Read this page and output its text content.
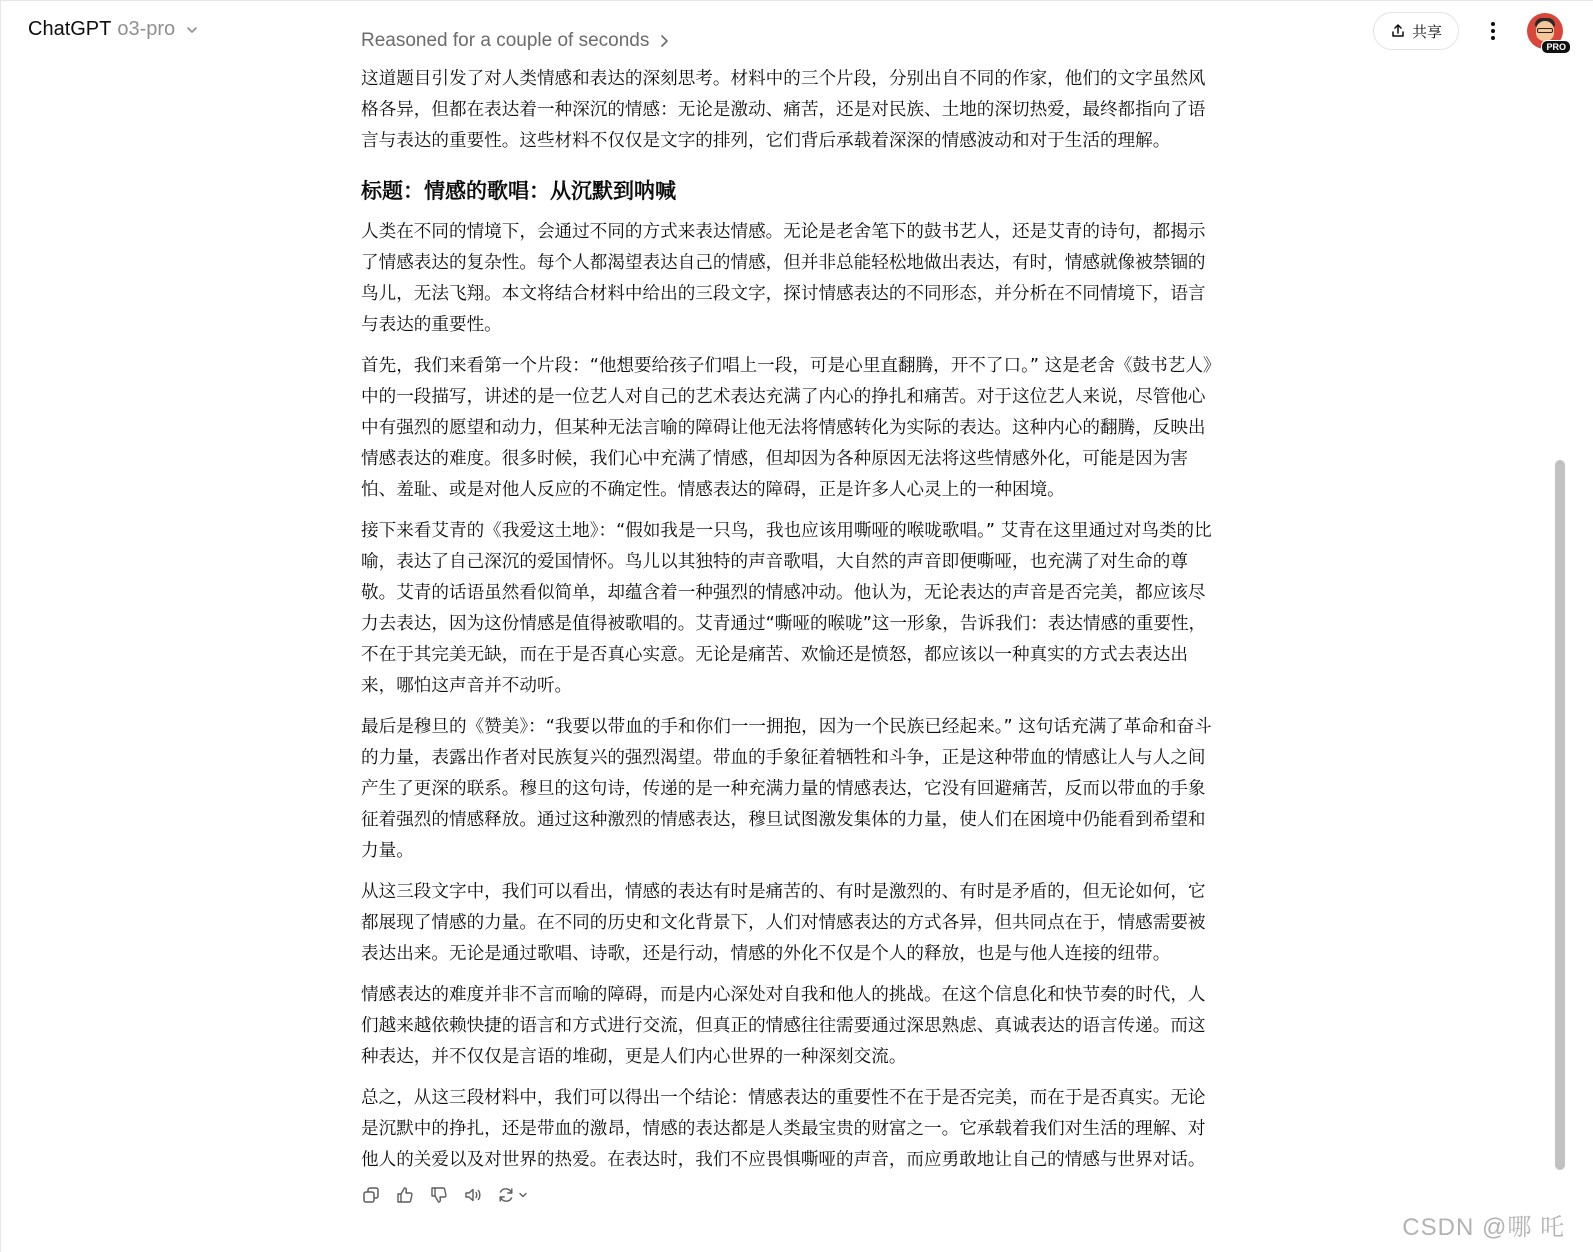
ChatGPT o3-pro	共享
PRO
Reasoned for a couple of seconds

这道题目引发了对人类情感和表达的深刻思考。材料中的三个片段，分别出自不同的作家，他们的文字虽然风格各异，但都在表达着一种深沉的情感：无论是激动、痛苦，还是对民族、土地的深切热爱，最终都指向了语言与表达的重要性。这些材料不仅仅是文字的排列，它们背后承载着深深的情感波动和对于生活的理解。

标题：情感的歌唱：从沉默到呐喊

人类在不同的情境下，会通过不同的方式来表达情感。无论是老舍笔下的鼓书艺人，还是艾青的诗句，都揭示了情感表达的复杂性。每个人都渴望表达自己的情感，但并非总能轻松地做出表达，有时，情感就像被禁锢的鸟儿，无法飞翔。本文将结合材料中给出的三段文字，探讨情感表达的不同形态，并分析在不同情境下，语言与表达的重要性。

首先，我们来看第一个片段：“他想要给孩子们唱上一段，可是心里直翻腾，开不了口。” 这是老舍《鼓书艺人》中的一段描写，讲述的是一位艺人对自己的艺术表达充满了内心的挣扎和痛苦。对于这位艺人来说，尽管他心中有强烈的愿望和动力，但某种无法言喻的障碍让他无法将情感转化为实际的表达。这种内心的翻腾，反映出情感表达的难度。很多时候，我们心中充满了情感，但却因为各种原因无法将这些情感外化，可能是因为害怕、羞耻、或是对他人反应的不确定性。情感表达的障碍，正是许多人心灵上的一种困境。

接下来看艾青的《我爱这土地》：“假如我是一只鸟，我也应该用嘶哑的喉咙歌唱。” 艾青在这里通过对鸟类的比喻，表达了自己深沉的爱国情怀。鸟儿以其独特的声音歌唱，大自然的声音即便嘶哑，也充满了对生命的尊敬。艾青的话语虽然看似简单，却蕴含着一种强烈的情感冲动。他认为，无论表达的声音是否完美，都应该尽力去表达，因为这份情感是值得被歌唱的。艾青通过“嘶哑的喉咙”这一形象，告诉我们：表达情感的重要性，不在于其完美无缺，而在于是否真心实意。无论是痛苦、欢愉还是愤怒，都应该以一种真实的方式去表达出来，哪怕这声音并不动听。

最后是穆旦的《赞美》：“我要以带血的手和你们一一拥抱，因为一个民族已经起来。” 这句话充满了革命和奋斗的力量，表露出作者对民族复兴的强烈渴望。带血的手象征着牺牲和斗争，正是这种带血的情感让人与人之间产生了更深的联系。穆旦的这句诗，传递的是一种充满力量的情感表达，它没有回避痛苦，反而以带血的手象征着强烈的情感释放。通过这种激烈的情感表达，穆旦试图激发集体的力量，使人们在困境中仍能看到希望和力量。

从这三段文字中，我们可以看出，情感的表达有时是痛苦的、有时是激烈的、有时是矛盾的，但无论如何，它都展现了情感的力量。在不同的历史和文化背景下，人们对情感表达的方式各异，但共同点在于，情感需要被表达出来。无论是通过歌唱、诗歌，还是行动，情感的外化不仅是个人的释放，也是与他人连接的纽带。

情感表达的难度并非不言而喻的障碍，而是内心深处对自我和他人的挑战。在这个信息化和快节奏的时代，人们越来越依赖快捷的语言和方式进行交流，但真正的情感往往需要通过深思熟虑、真诚表达的语言传递。而这种表达，并不仅仅是言语的堆砌，更是人们内心世界的一种深刻交流。

总之，从这三段材料中，我们可以得出一个结论：情感表达的重要性不在于是否完美，而在于是否真实。无论是沉默中的挣扎，还是带血的激昂，情感的表达都是人类最宝贵的财富之一。它承载着我们对生活的理解、对他人的关爱以及对世界的热爱。在表达时，我们不应畏惧嘶哑的声音，而应勇敢地让自己的情感与世界对话。

CSDN @哪 吒
